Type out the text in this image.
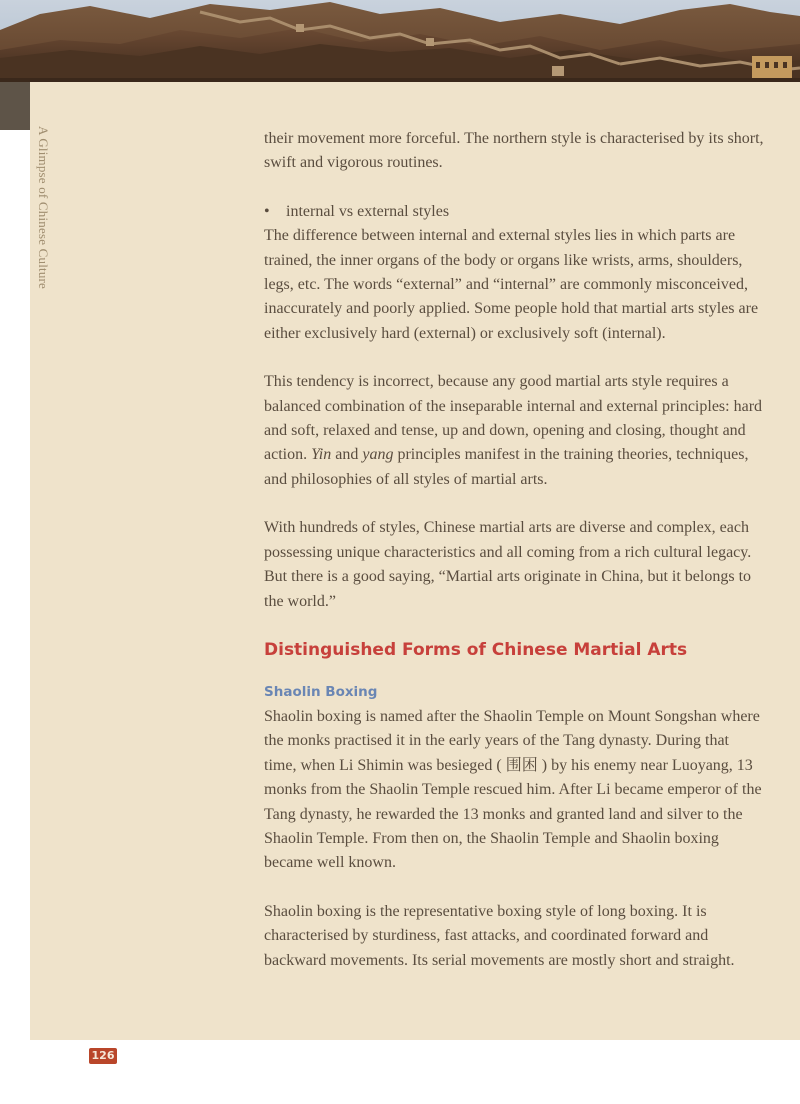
A Glimpse of Chinese Culture	their movement more forceful. The northern style is characterised by its short, swift and vigorous routines.

• internal vs external styles

The difference between internal and external styles lies in which parts are trained, the inner organs of the body or organs like wrists, arms, shoulders, legs, etc. The words “external” and “internal” are commonly misconceived, inaccurately and poorly applied. Some people hold that martial arts styles are either exclusively hard (external) or exclusively soft (internal).

This tendency is incorrect, because any good martial arts style requires a balanced combination of the inseparable internal and external principles: hard and soft, relaxed and tense, up and down, opening and closing, thought and action. Yin and yang principles manifest in the training theories, techniques, and philosophies of all styles of martial arts.

With hundreds of styles, Chinese martial arts are diverse and complex, each possessing unique characteristics and all coming from a rich cultural legacy. But there is a good saying, “Martial arts originate in China, but it belongs to the world.”

Distinguished Forms of Chinese Martial Arts
Shaolin Boxing

Shaolin boxing is named after the Shaolin Temple on Mount Songshan where the monks practised it in the early years of the Tang dynasty. During that time, when Li Shimin was besieged ( 围困 ) by his enemy near Luoyang, 13 monks from the Shaolin Temple rescued him. After Li became emperor of the Tang dynasty, he rewarded the 13 monks and granted land and silver to the Shaolin Temple. From then on, the Shaolin Temple and Shaolin boxing became well known.

Shaolin boxing is the representative boxing style of long boxing. It is characterised by sturdiness, fast attacks, and coordinated forward and backward movements. Its serial movements are mostly short and straight.

126
